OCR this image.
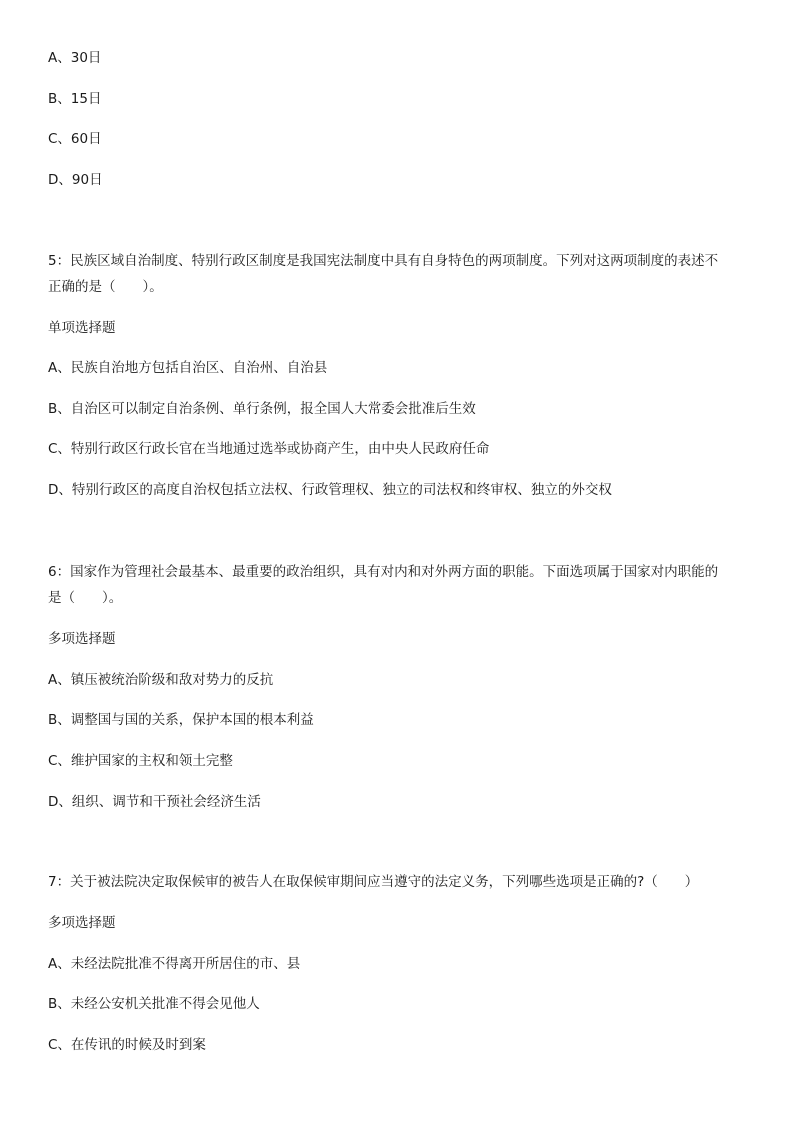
A、30日
B、15日
C、60日
D、90日
5：民族区域自治制度、特别行政区制度是我国宪法制度中具有自身特色的两项制度。下列对这两项制度的表述不
正确的是（　　）。
单项选择题
A、民族自治地方包括自治区、自治州、自治县
B、自治区可以制定自治条例、单行条例，报全国人大常委会批准后生效
C、特别行政区行政长官在当地通过选举或协商产生，由中央人民政府任命
D、特别行政区的高度自治权包括立法权、行政管理权、独立的司法权和终审权、独立的外交权
6：国家作为管理社会最基本、最重要的政治组织，具有对内和对外两方面的职能。下面选项属于国家对内职能的
是（　　）。
多项选择题
A、镇压被统治阶级和敌对势力的反抗
B、调整国与国的关系，保护本国的根本利益
C、维护国家的主权和领土完整
D、组织、调节和干预社会经济生活
7：关于被法院决定取保候审的被告人在取保候审期间应当遵守的法定义务，下列哪些选项是正确的?（　　）
多项选择题
A、未经法院批准不得离开所居住的市、县
B、未经公安机关批准不得会见他人
C、在传讯的时候及时到案
